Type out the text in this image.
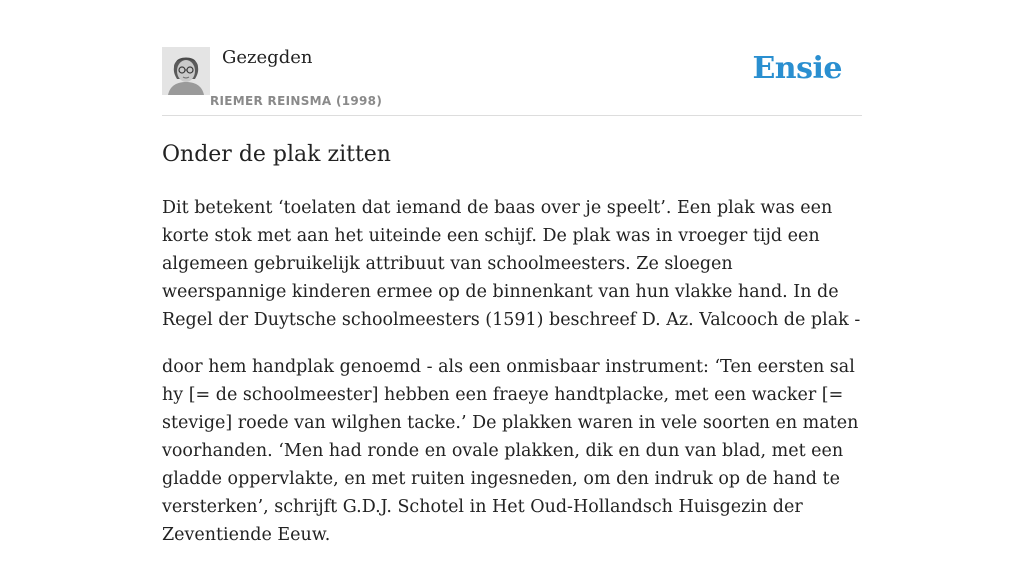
Gezegden
RIEMER REINSMA (1998)
Ensie
Onder de plak zitten

Dit betekent ‘toelaten dat iemand de baas over je speelt’. Een plak was een korte stok met aan het uiteinde een schijf. De plak was in vroeger tijd een algemeen gebruikelijk attribuut van schoolmeesters. Ze sloegen weerspannige kinderen ermee op de binnenkant van hun vlakke hand. In de Regel der Duytsche schoolmeesters (1591) beschreef D. Az. Valcooch de plak -

door hem handplak genoemd - als een onmisbaar instrument: ‘Ten eersten sal hy [= de schoolmeester] hebben een fraeye handtplacke, met een wacker [= stevige] roede van wilghen tacke.’ De plakken waren in vele soorten en maten voorhanden. ‘Men had ronde en ovale plakken, dik en dun van blad, met een gladde oppervlakte, en met ruiten ingesneden, om den indruk op de hand te versterken’, schrijft G.D.J. Schotel in Het Oud-Hollandsch Huisgezin der Zeventiende Eeuw.
